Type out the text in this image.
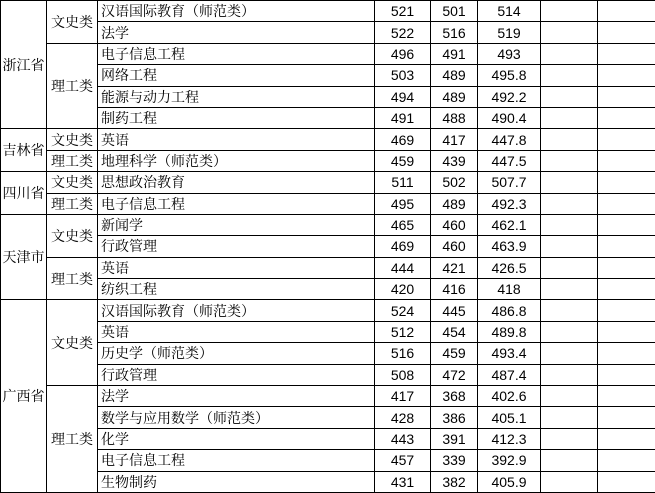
浙江省	文史类	汉语国际教育（师范类）	521	501	514		
		法学	522	516	519		
	理工类	电子信息工程	496	491	493		
		网络工程	503	489	495.8		
		能源与动力工程	494	489	492.2		
		制药工程	491	488	490.4		
吉林省	文史类	英语	469	417	447.8		
	理工类	地理科学（师范类）	459	439	447.5		
四川省	文史类	思想政治教育	511	502	507.7		
	理工类	电子信息工程	495	489	492.3		
天津市	文史类	新闻学	465	460	462.1		
		行政管理	469	460	463.9		
	理工类	英语	444	421	426.5		
		纺织工程	420	416	418		
广西省	文史类	汉语国际教育（师范类）	524	445	486.8		
		英语	512	454	489.8		
		历史学（师范类）	516	459	493.4		
		行政管理	508	472	487.4		
	理工类	法学	417	368	402.6		
		数学与应用数学（师范类）	428	386	405.1		
		化学	443	391	412.3		
		电子信息工程	457	339	392.9		
		生物制药	431	382	405.9		
